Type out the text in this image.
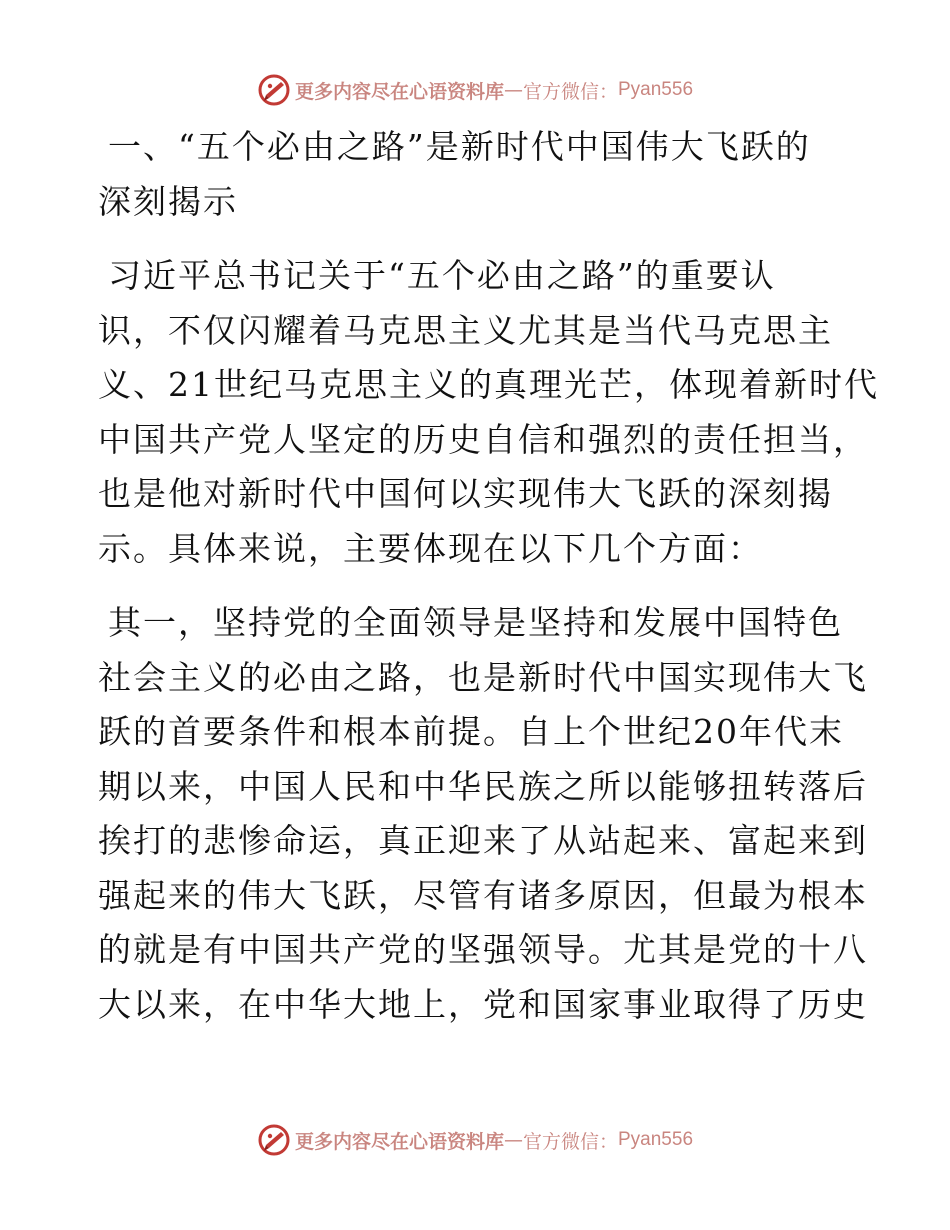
更多内容尽在心语资料库 — 官方微信： Pyan556
一、“五个必由之路”是新时代中国伟大飞跃的
深刻揭示
习近平总书记关于“五个必由之路”的重要认
识，不仅闪耀着马克思主义尤其是当代马克思主
义、21世纪马克思主义的真理光芒，体现着新时代
中国共产党人坚定的历史自信和强烈的责任担当，
也是他对新时代中国何以实现伟大飞跃的深刻揭
示。具体来说，主要体现在以下几个方面：
其一，坚持党的全面领导是坚持和发展中国特色
社会主义的必由之路，也是新时代中国实现伟大飞
跃的首要条件和根本前提。自上个世纪20年代末
期以来，中国人民和中华民族之所以能够扭转落后
挨打的悲惨命运，真正迎来了从站起来、富起来到
强起来的伟大飞跃，尽管有诸多原因，但最为根本
的就是有中国共产党的坚强领导。尤其是党的十八
大以来，在中华大地上，党和国家事业取得了历史
更多内容尽在心语资料库 — 官方微信： Pyan556
